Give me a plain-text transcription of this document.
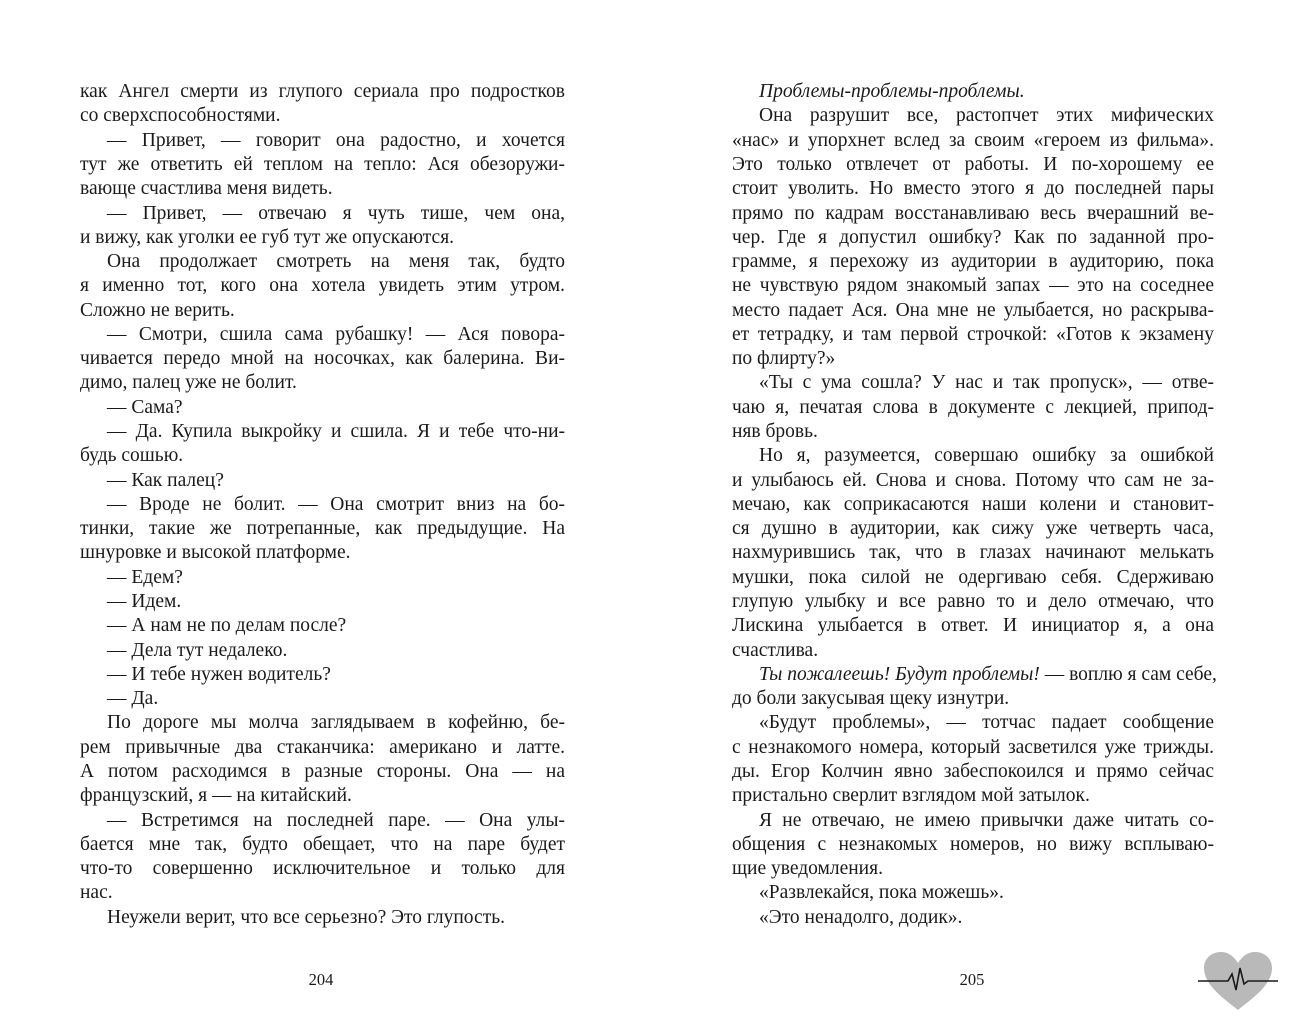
как Ангел смерти из глупого сериала про подростков
со сверхспособностями.
— Привет, — говорит она радостно, и хочется
тут же ответить ей теплом на тепло: Ася обезоружи-
вающе счастлива меня видеть.
— Привет, — отвечаю я чуть тише, чем она,
и вижу, как уголки ее губ тут же опускаются.
Она продолжает смотреть на меня так, будто
я именно тот, кого она хотела увидеть этим утром.
Сложно не верить.
— Смотри, сшила сама рубашку! — Ася повора-
чивается передо мной на носочках, как балерина. Ви-
димо, палец уже не болит.
— Сама?
— Да. Купила выкройку и сшила. Я и тебе что-ни-
будь сошью.
— Как палец?
— Вроде не болит. — Она смотрит вниз на бо-
тинки, такие же потрепанные, как предыдущие. На
шнуровке и высокой платформе.
— Едем?
— Идем.
— А нам не по делам после?
— Дела тут недалеко.
— И тебе нужен водитель?
— Да.
По дороге мы молча заглядываем в кофейню, бе-
рем привычные два стаканчика: американо и латте.
А потом расходимся в разные стороны. Она — на
французский, я — на китайский.
— Встретимся на последней паре. — Она улы-
бается мне так, будто обещает, что на паре будет
что-то совершенно исключительное и только для
нас.
Неужели верит, что все серьезно? Это глупость.
204
Проблемы-проблемы-проблемы.
Она разрушит все, растопчет этих мифических
«нас» и упорхнет вслед за своим «героем из фильма».
Это только отвлечет от работы. И по-хорошему ее
стоит уволить. Но вместо этого я до последней пары
прямо по кадрам восстанавливаю весь вчерашний ве-
чер. Где я допустил ошибку? Как по заданной про-
грамме, я перехожу из аудитории в аудиторию, пока
не чувствую рядом знакомый запах — это на соседнее
место падает Ася. Она мне не улыбается, но раскрыва-
ет тетрадку, и там первой строчкой: «Готов к экзамену
по флирту?»
«Ты с ума сошла? У нас и так пропуск», — отве-
чаю я, печатая слова в документе с лекцией, припод-
няв бровь.
Но я, разумеется, совершаю ошибку за ошибкой
и улыбаюсь ей. Снова и снова. Потому что сам не за-
мечаю, как соприкасаются наши колени и становит-
ся душно в аудитории, как сижу уже четверть часа,
нахмурившись так, что в глазах начинают мелькать
мушки, пока силой не одергиваю себя. Сдерживаю
глупую улыбку и все равно то и дело отмечаю, что
Лискина улыбается в ответ. И инициатор я, а она
счастлива.
Ты пожалеешь! Будут проблемы! — воплю я сам себе,
до боли закусывая щеку изнутри.
«Будут проблемы», — тотчас падает сообщение
с незнакомого номера, который засветился уже трижды.
ды. Егор Колчин явно забеспокоился и прямо сейчас
пристально сверлит взглядом мой затылок.
Я не отвечаю, не имею привычки даже читать со-
общения с незнакомых номеров, но вижу всплываю-
щие уведомления.
«Развлекайся, пока можешь».
«Это ненадолго, додик».
205
